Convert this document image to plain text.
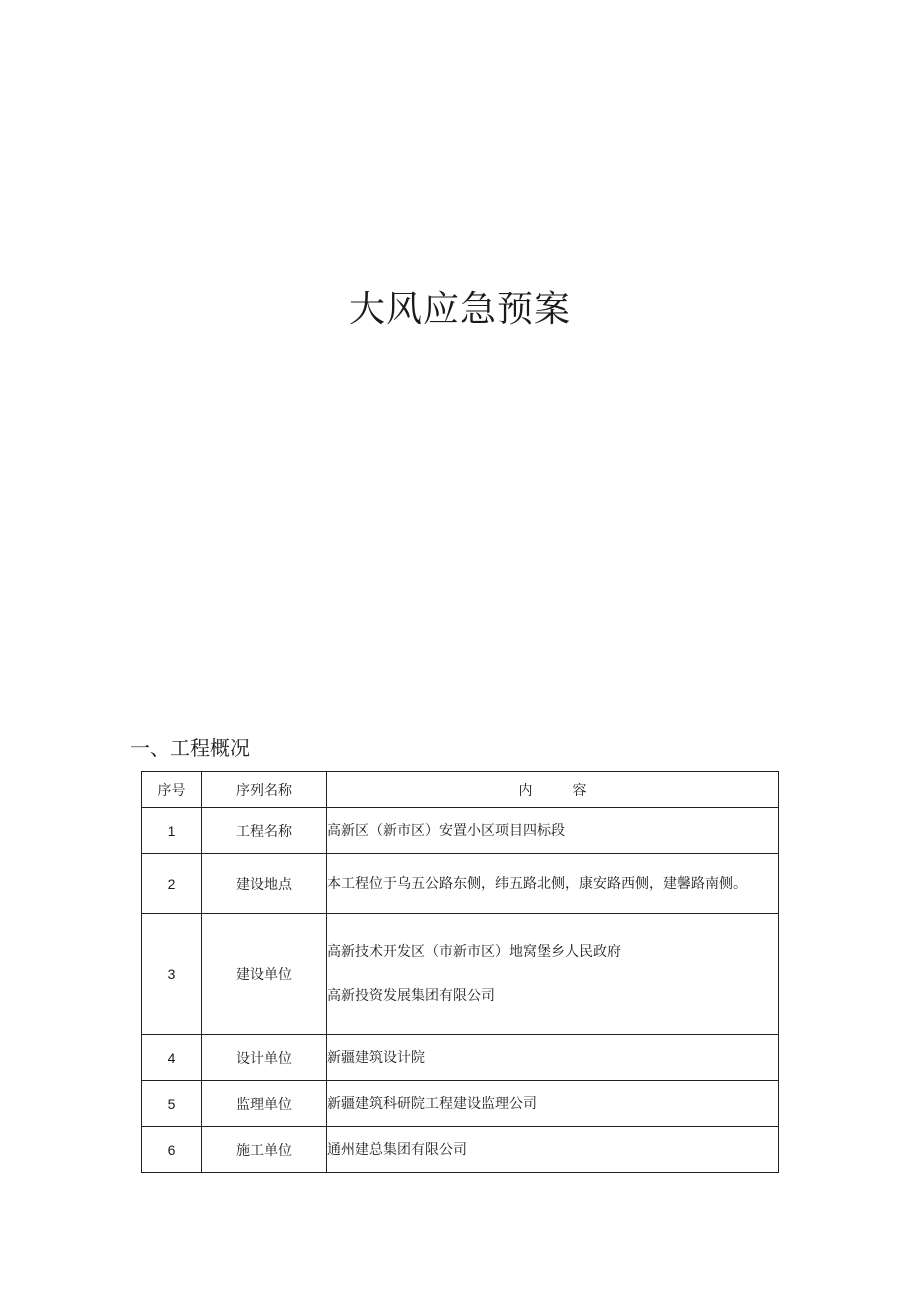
大风应急预案
一、工程概况
序号	序列名称	内容
1	工程名称	高新区（新市区）安置小区项目四标段
2	建设地点	本工程位于乌五公路东侧，纬五路北侧，康安路西侧，建馨路南侧。
3	建设单位	高新技术开发区（市新市区）地窝堡乡人民政府
高新投资发展集团有限公司

4	设计单位	新疆建筑设计院
5	监理单位	新疆建筑科研院工程建设监理公司
6	施工单位	通州建总集团有限公司
